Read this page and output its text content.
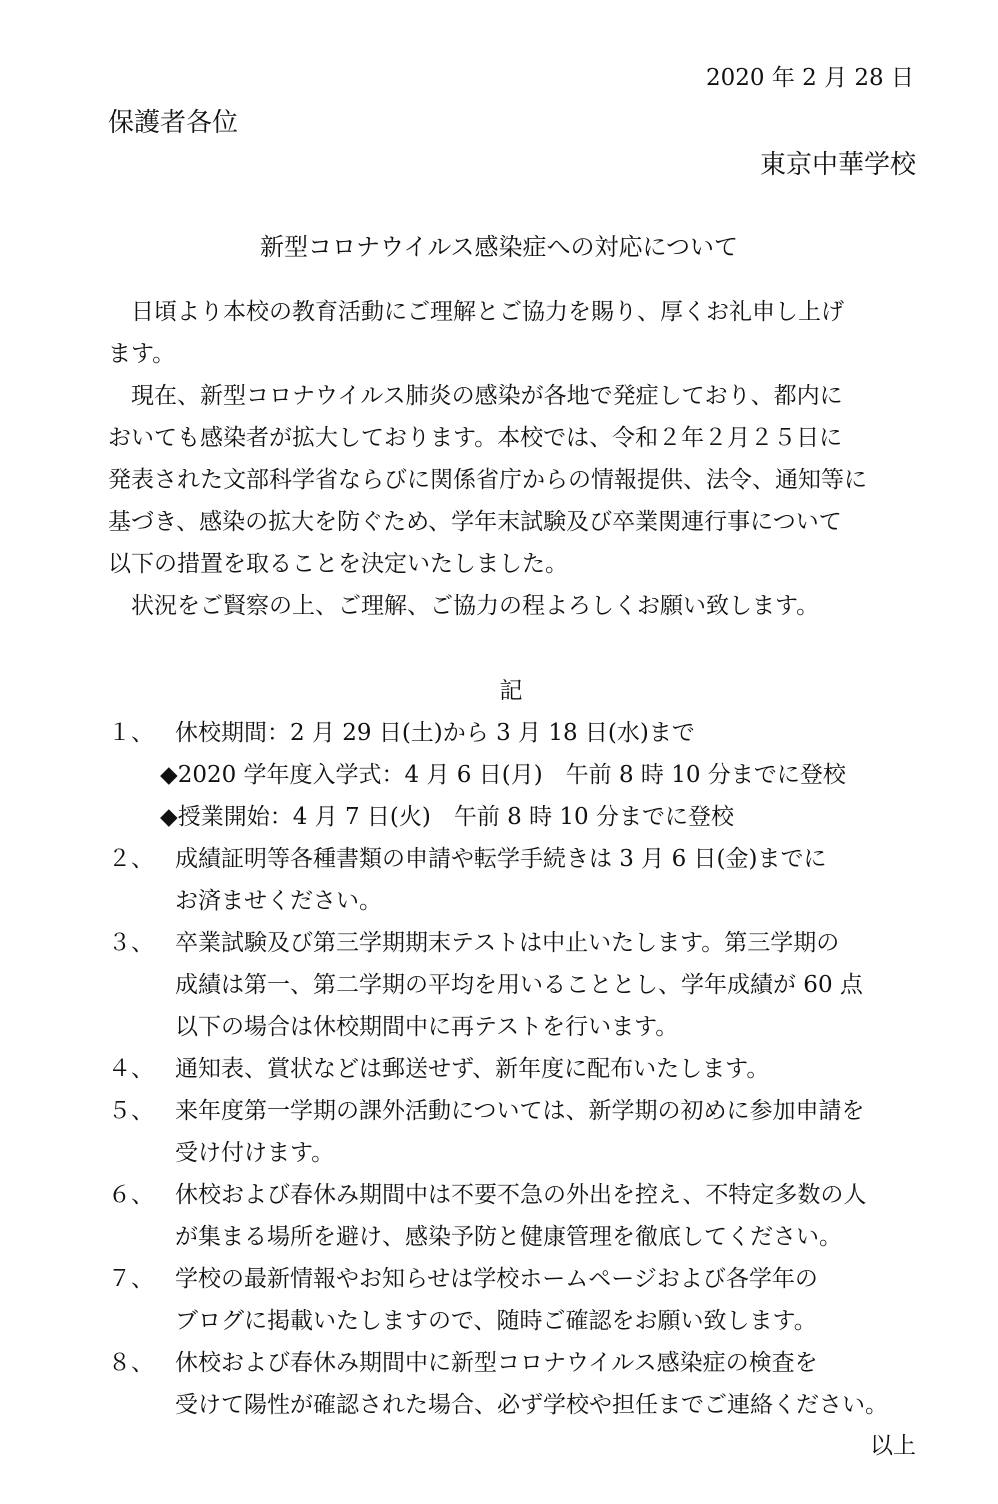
2020 年 2 月 28 日
保護者各位
東京中華学校
新型コロナウイルス感染症への対応について
　日頃より本校の教育活動にご理解とご協力を賜り、厚くお礼申し上げ
ます。
　現在、新型コロナウイルス肺炎の感染が各地で発症しており、都内に
おいても感染者が拡大しております。本校では、令和２年２月２５日に
発表された文部科学省ならびに関係省庁からの情報提供、法令、通知等に
基づき、感染の拡大を防ぐため、学年末試験及び卒業関連行事について
以下の措置を取ることを決定いたしました。
　状況をご賢察の上、ご理解、ご協力の程よろしくお願い致します。
記
１、 休校期間：2 月 29 日(土)から 3 月 18 日(水)まで
◆2020 学年度入学式：4 月 6 日(月)　午前 8 時 10 分までに登校
◆授業開始：4 月 7 日(火)　午前 8 時 10 分までに登校
２、 成績証明等各種書類の申請や転学手続きは 3 月 6 日(金)までに
お済ませください。
３、 卒業試験及び第三学期期末テストは中止いたします。第三学期の
成績は第一、第二学期の平均を用いることとし、学年成績が 60 点
以下の場合は休校期間中に再テストを行います。
４、 通知表、賞状などは郵送せず、新年度に配布いたします。
５、 来年度第一学期の課外活動については、新学期の初めに参加申請を
受け付けます。
６、 休校および春休み期間中は不要不急の外出を控え、不特定多数の人
が集まる場所を避け、感染予防と健康管理を徹底してください。
７、 学校の最新情報やお知らせは学校ホームページおよび各学年の
ブログに掲載いたしますので、随時ご確認をお願い致します。
８、 休校および春休み期間中に新型コロナウイルス感染症の検査を
受けて陽性が確認された場合、必ず学校や担任までご連絡ください。
以上
